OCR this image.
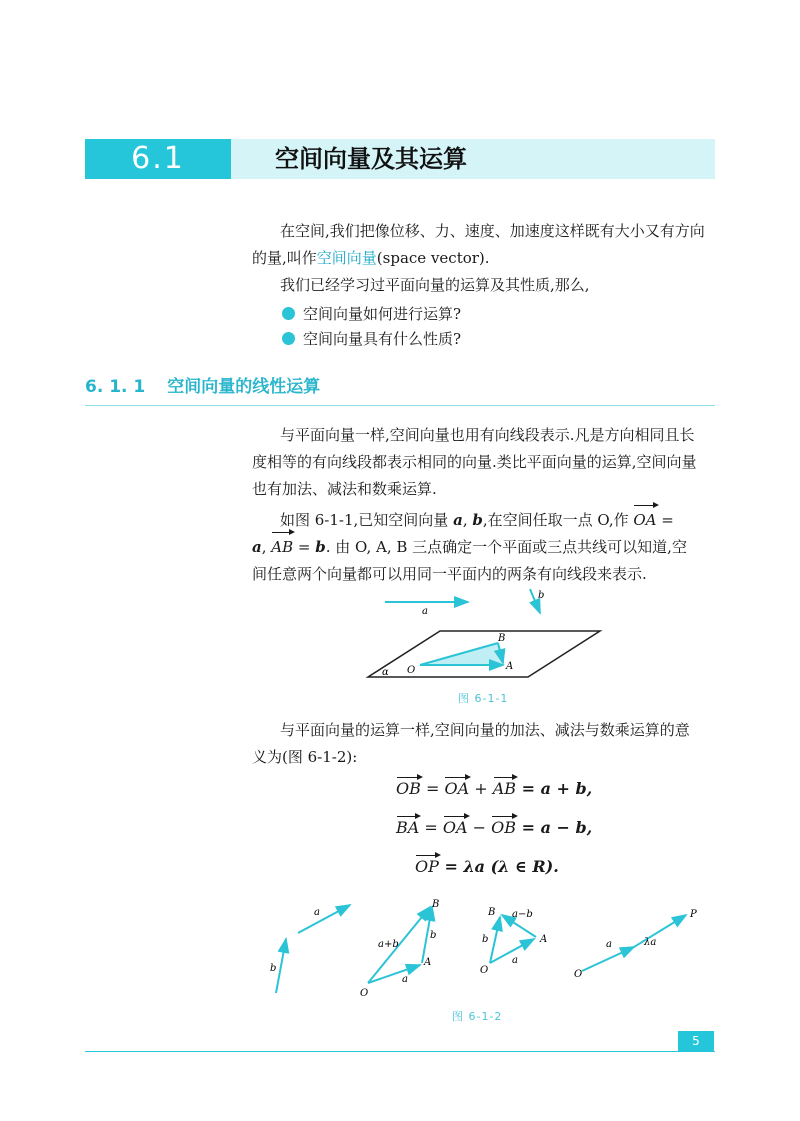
6.1	空间向量及其运算
在空间,我们把像位移、力、速度、加速度这样既有大小又有方向
的量,叫作空间向量(space vector).
我们已经学习过平面向量的运算及其性质,那么,
空间向量如何进行运算?
空间向量具有什么性质?
6. 1. 1 空间向量的线性运算
与平面向量一样,空间向量也用有向线段表示.凡是方向相同且长
度相等的有向线段都表示相同的向量.类比平面向量的运算,空间向量
也有加法、减法和数乘运算.
如图 6-1-1,已知空间向量 a, b,在空间任取一点 O,作 OA =
a, AB = b. 由 O, A, B 三点确定一个平面或三点共线可以知道,空
间任意两个向量都可以用同一平面内的两条有向线段来表示.
a
b
B
A
O
α
图 6-1-1
与平面向量的运算一样,空间向量的加法、减法与数乘运算的意
义为(图 6-1-2):
OB = OA + AB = a + b,
BA = OA − OB = a − b,
OP = λa (λ ∈ R).
a
b
B
a+b
b
A
O
a
B a−b
b	A
O
a
P
a	λa
O
图 6-1-2
5
